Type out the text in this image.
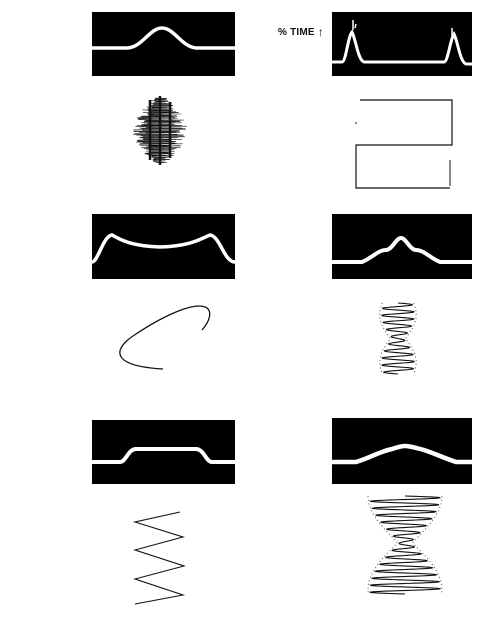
% TIME ↑
